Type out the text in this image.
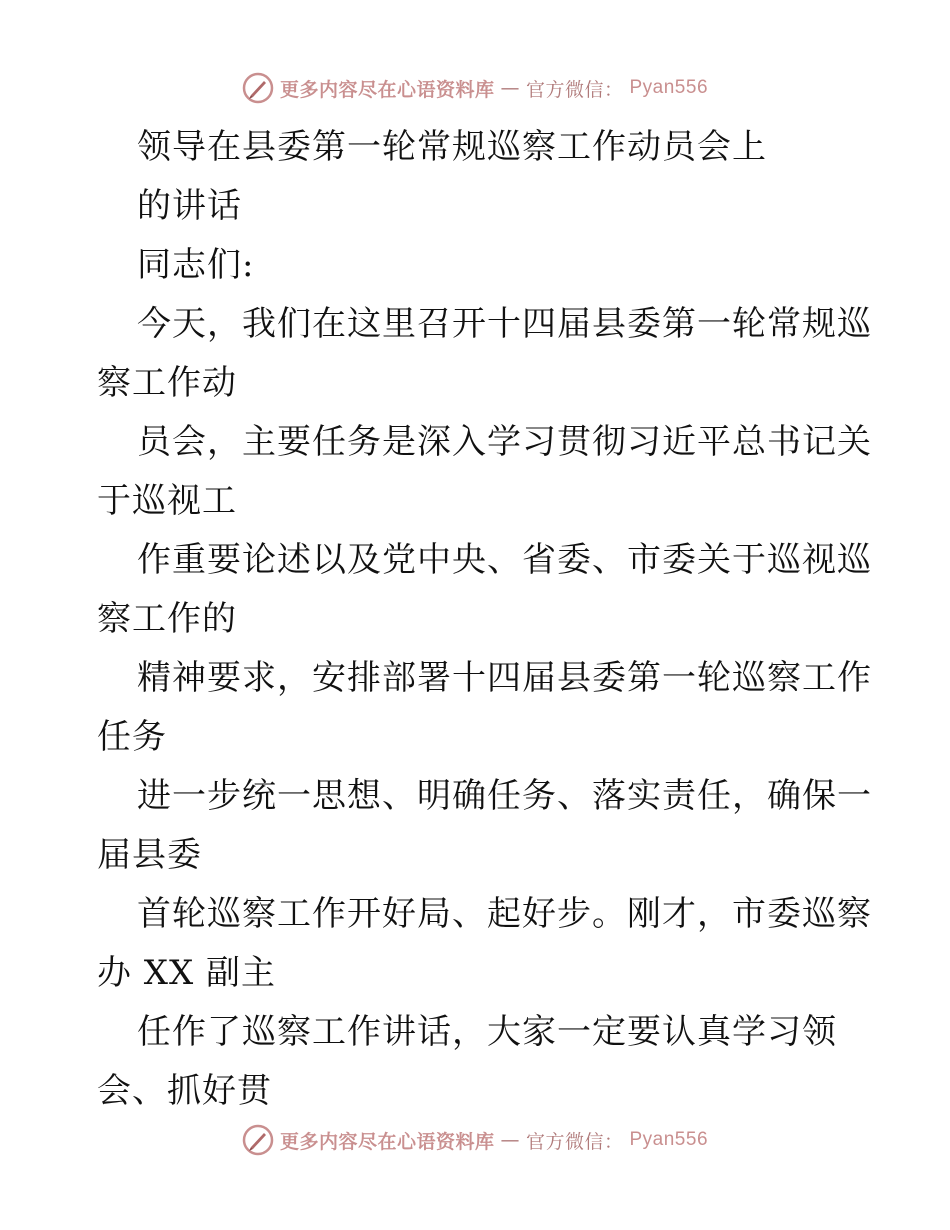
更多内容尽在心语资料库 — 官方微信： Pyan556

领导在县委第一轮常规巡察工作动员会上

的讲话

同志们:

今天，我们在这里召开十四届县委第一轮常规巡
察工作动

员会，主要任务是深入学习贯彻习近平总书记关
于巡视工

作重要论述以及党中央、省委、市委关于巡视巡
察工作的

精神要求，安排部署十四届县委第一轮巡察工作
任务

进一步统一思想、明确任务、落实责任，确保一
届县委

首轮巡察工作开好局、起好步。刚才，市委巡察
办 XX 副主

任作了巡察工作讲话，大家一定要认真学习领
会、抓好贯

更多内容尽在心语资料库 — 官方微信： Pyan556
